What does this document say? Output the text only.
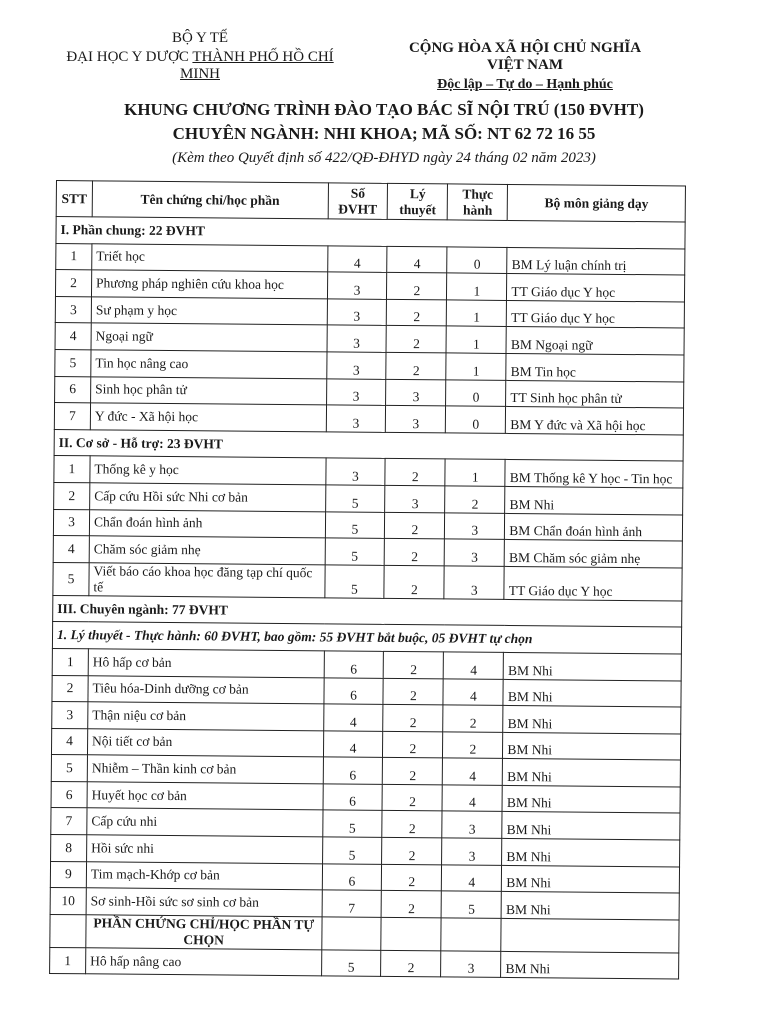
BỘ Y TẾ
ĐẠI HỌC Y DƯỢC THÀNH PHỐ HỒ CHÍ MINH
CỘNG HÒA XÃ HỘI CHỦ NGHĨA VIỆT NAM
Độc lập – Tự do – Hạnh phúc
KHUNG CHƯƠNG TRÌNH ĐÀO TẠO BÁC SĨ NỘI TRÚ (150 ĐVHT)
CHUYÊN NGÀNH: NHI KHOA; MÃ SỐ: NT 62 72 16 55
(Kèm theo Quyết định số 422/QĐ-ĐHYD ngày 24 tháng 02 năm 2023)
STT	Tên chứng chỉ/học phần	Số ĐVHT	Lý thuyết	Thực hành	Bộ môn giảng dạy
I. Phần chung: 22 ĐVHT					
1	Triết học	4	4	0	BM Lý luận chính trị
2	Phương pháp nghiên cứu khoa học	3	2	1	TT Giáo dục Y học
3	Sư phạm y học	3	2	1	TT Giáo dục Y học
4	Ngoại ngữ	3	2	1	BM Ngoại ngữ
5	Tin học nâng cao	3	2	1	BM Tin học
6	Sinh học phân tử	3	3	0	TT Sinh học phân tử
7	Y đức - Xã hội học	3	3	0	BM Y đức và Xã hội học
II. Cơ sở - Hỗ trợ: 23 ĐVHT					
1	Thống kê y học	3	2	1	BM Thống kê Y học - Tin học
2	Cấp cứu Hồi sức Nhi cơ bản	5	3	2	BM Nhi
3	Chẩn đoán hình ảnh	5	2	3	BM Chẩn đoán hình ảnh
4	Chăm sóc giảm nhẹ	5	2	3	BM Chăm sóc giảm nhẹ
5	Viết báo cáo khoa học đăng tạp chí quốc tế	5	2	3	TT Giáo dục Y học
III. Chuyên ngành: 77 ĐVHT					
1. Lý thuyết - Thực hành: 60 ĐVHT, bao gồm: 55 ĐVHT bắt buộc, 05 ĐVHT tự chọn					
1	Hô hấp cơ bản	6	2	4	BM Nhi
2	Tiêu hóa-Dinh dưỡng cơ bản	6	2	4	BM Nhi
3	Thận niệu cơ bản	4	2	2	BM Nhi
4	Nội tiết cơ bản	4	2	2	BM Nhi
5	Nhiễm – Thần kinh cơ bản	6	2	4	BM Nhi
6	Huyết học cơ bản	6	2	4	BM Nhi
7	Cấp cứu nhi	5	2	3	BM Nhi
8	Hồi sức nhi	5	2	3	BM Nhi
9	Tim mạch-Khớp cơ bản	6	2	4	BM Nhi
10	Sơ sinh-Hồi sức sơ sinh cơ bản	7	2	5	BM Nhi
	PHẦN CHỨNG CHỈ/HỌC PHẦN TỰ CHỌN				
1	Hô hấp nâng cao	5	2	3	BM Nhi
